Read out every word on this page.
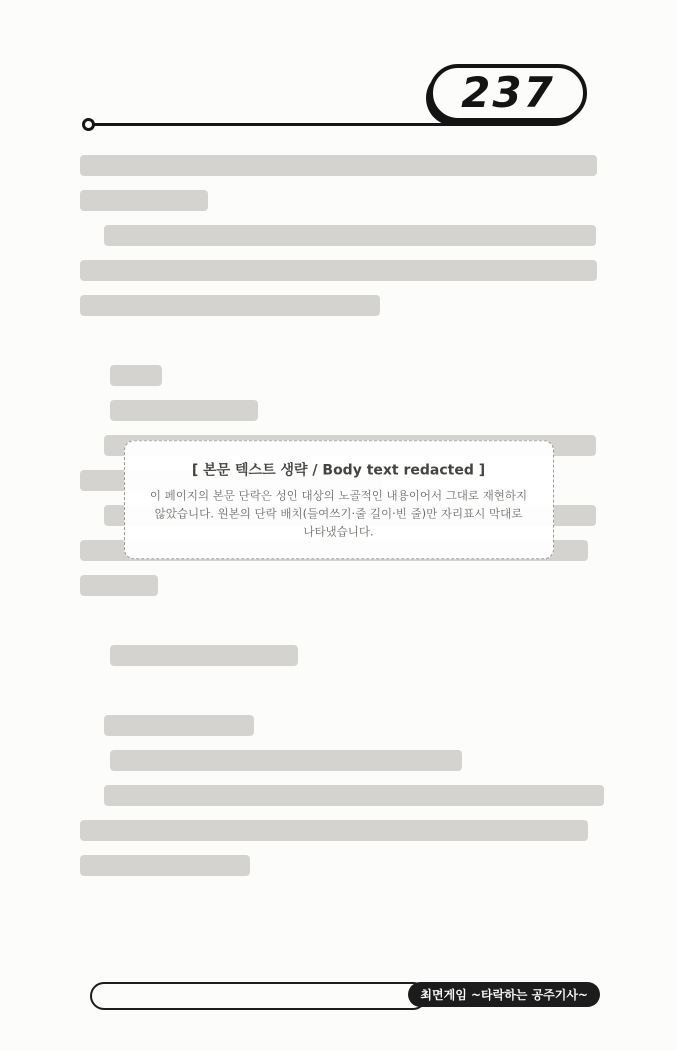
237
[ 본문 텍스트 생략 / Body text redacted ]
이 페이지의 본문 단락은 성인 대상의 노골적인 내용이어서 그대로 재현하지 않았습니다. 원본의 단락 배치(들여쓰기·줄 길이·빈 줄)만 자리표시 막대로 나타냈습니다.
최면게임 ~타락하는 공주기사~
